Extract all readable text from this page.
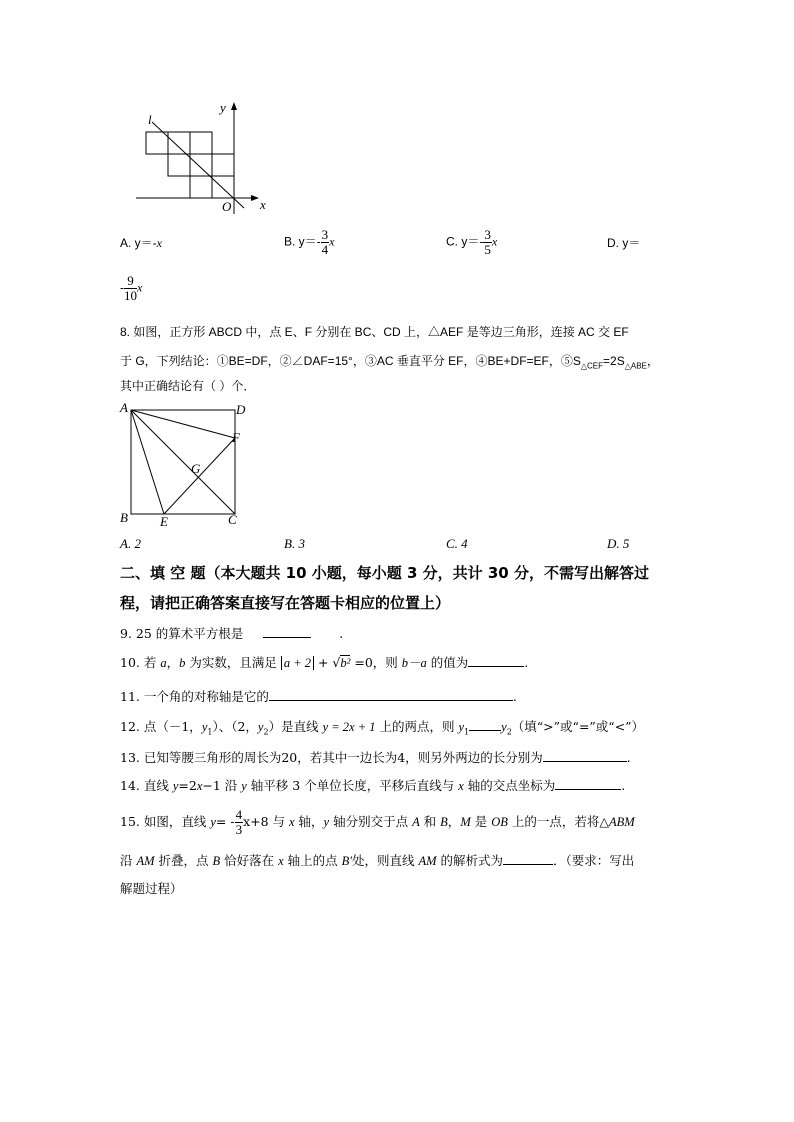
l
y
x
O
A. y＝-x	B. $y=- \frac{3}{4}$ x	C. $y=- \frac{3}{5}$ x	D. y＝
- $\frac{9}{10}$ x
8. 如图，正方形 ABCD 中，点 E、F 分别在 BC、CD 上，△AEF 是等边三角形，连接 AC 交 EF
于 G，下列结论：①BE=DF，②∠DAF=15°，③AC 垂直平分 EF，④BE+DF=EF，$⑤S_{\triangle CEF}=2S_{\triangle ABE}$，
其中正确结论有（ ）个．
A	D
F
G
B E	C
A. 2	B. 3	C. 4	D. 5
二、填 空 题（本大题共 10 小题，每小题 3 分，共计 30 分，不需写出解答过
程，请把正确答案直接写在答题卡相应的位置上）
9. 25 的算术平方根是	.
10. 若 a，b 为实数，且满足 a + 2 + √b² =0，则 b－a 的值为	.
11. 一个角的对称轴是它的	.
12. 点（－1，$y_1$）、（2，$y_2$）是直线 y = 2x + 1 上的两点，则 $y_1$	$y_2$（填“>”或“=”或“<”）
13. 已知等腰三角形的周长为20，若其中一边长为4，则另外两边的长分别为	.
14. 直线 y=2x−1 沿 y 轴平移 3 个单位长度，平移后直线与 x 轴的交点坐标为	.
15. 如图，直线 $y= - \frac{4}{3} x+8$ 与 x 轴，y 轴分别交于点 A 和 B，M 是 OB 上的一点，若将△ABM
沿 AM 折叠，点 B 恰好落在 x 轴上的点 B′处，则直线 AM 的解析式为	．（要求：写出
解题过程）
